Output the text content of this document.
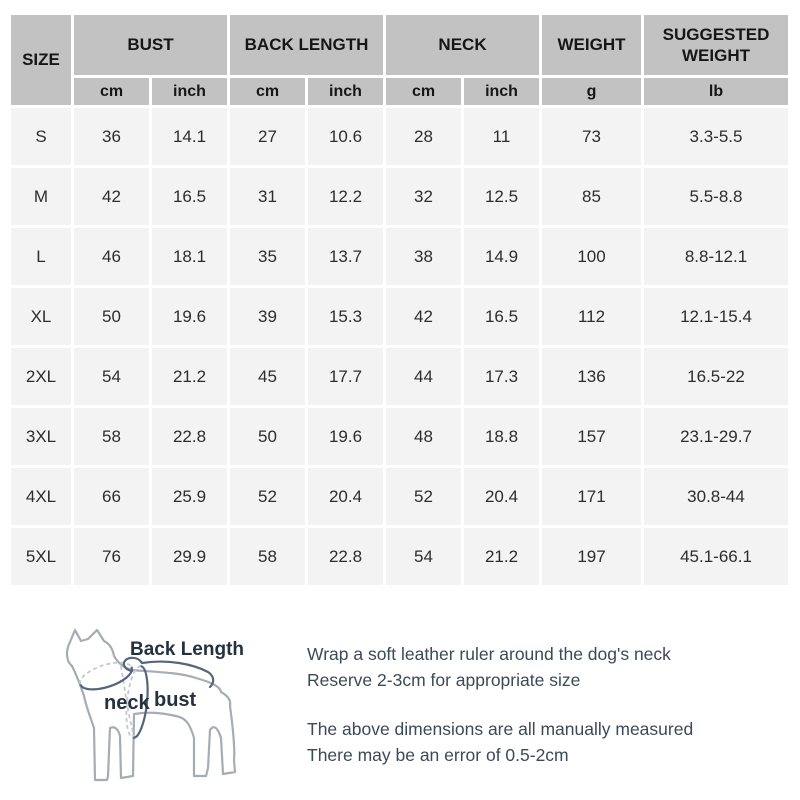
SIZE	BUST		BACK LENGTH		NECK		WEIGHT	SUGGESTED WEIGHT
	cm	inch	cm	inch	cm	inch	g	lb
S	36	14.1	27	10.6	28	11	73	3.3-5.5
M	42	16.5	31	12.2	32	12.5	85	5.5-8.8
L	46	18.1	35	13.7	38	14.9	100	8.8-12.1
XL	50	19.6	39	15.3	42	16.5	112	12.1-15.4
2XL	54	21.2	45	17.7	44	17.3	136	16.5-22
3XL	58	22.8	50	19.6	48	18.8	157	23.1-29.7
4XL	66	25.9	52	20.4	52	20.4	171	30.8-44
5XL	76	29.9	58	22.8	54	21.2	197	45.1-66.1
Back Length
neck bust
Wrap a soft leather ruler around the dog's neck
Reserve 2-3cm for appropriate size
The above dimensions are all manually measured
There may be an error of 0.5-2cm
